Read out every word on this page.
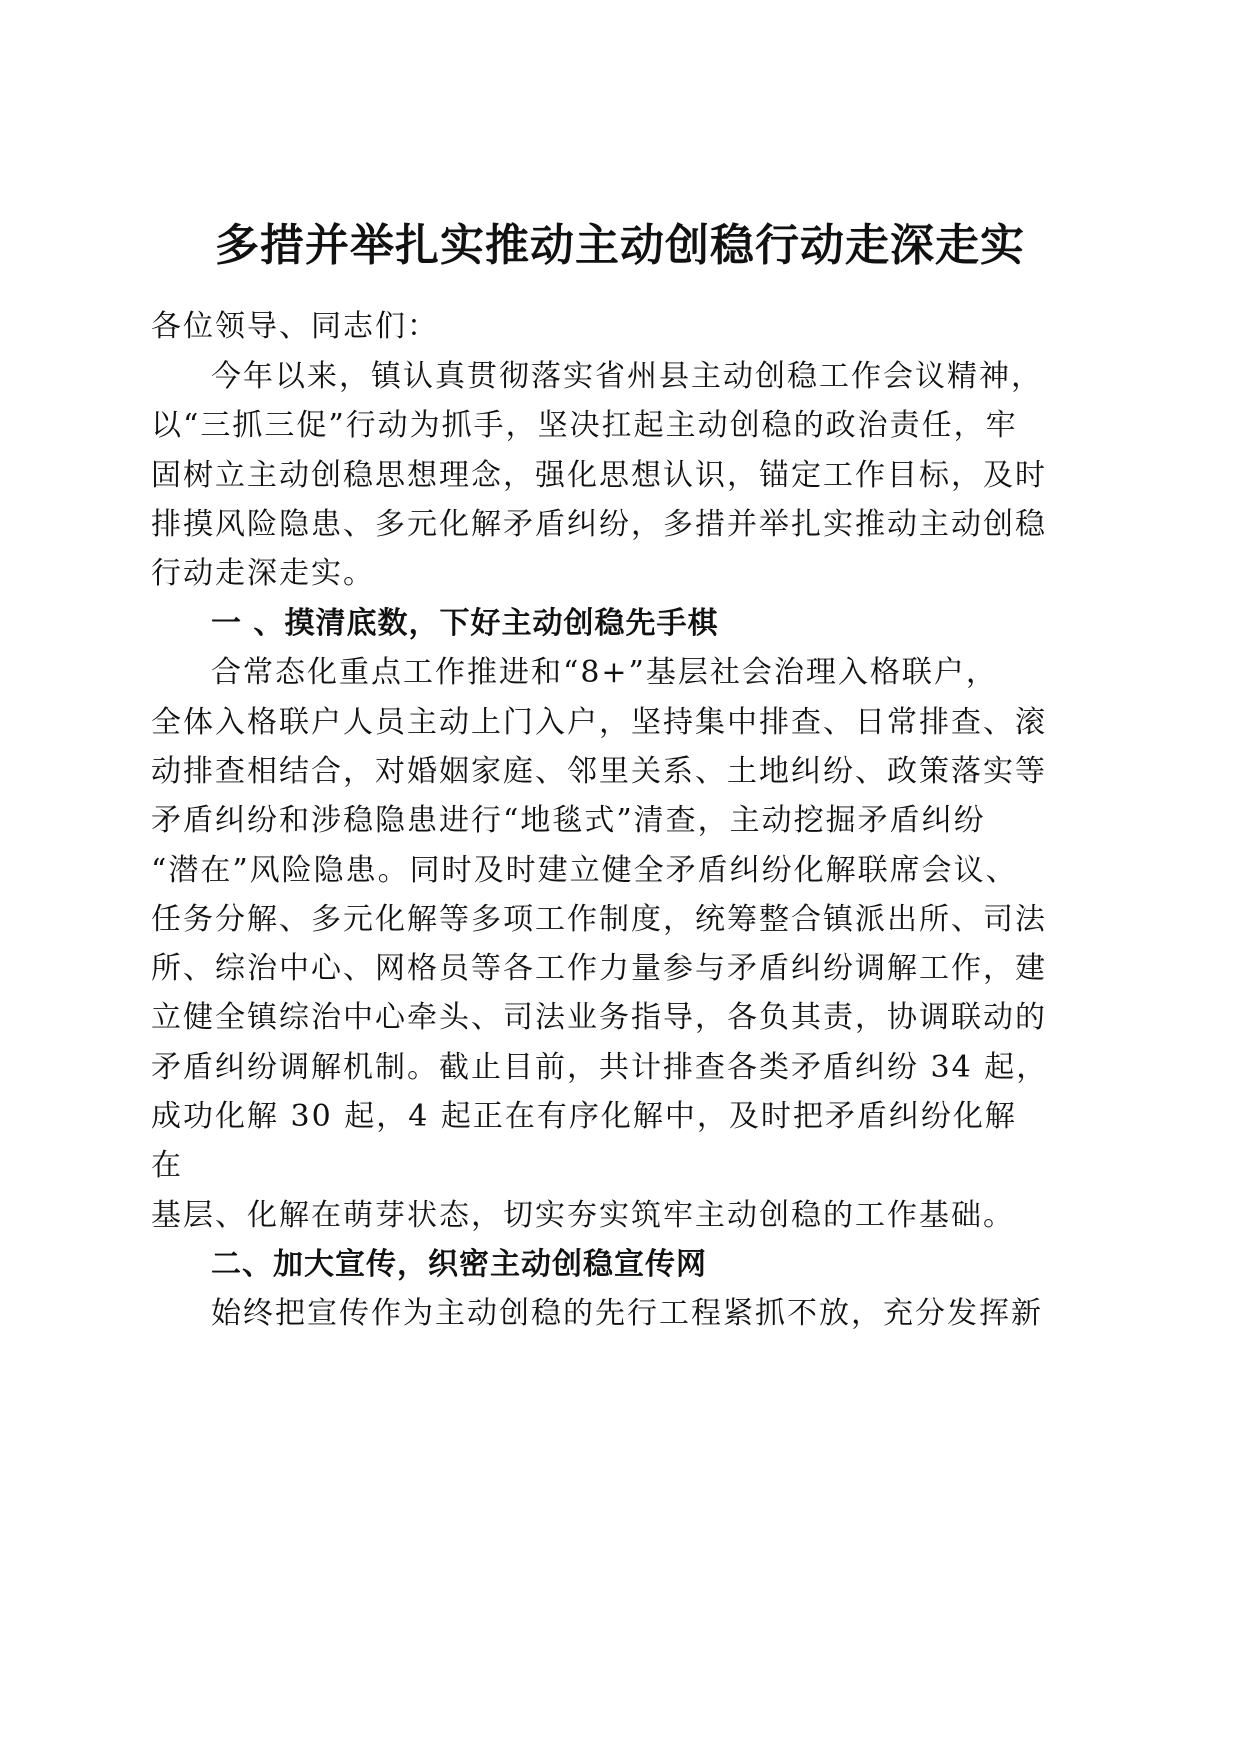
多措并举扎实推动主动创稳行动走深走实
各位领导、同志们：
今年以来，镇认真贯彻落实省州县主动创稳工作会议精神，
以“三抓三促”行动为抓手，坚决扛起主动创稳的政治责任，牢
固树立主动创稳思想理念，强化思想认识，锚定工作目标，及时
排摸风险隐患、多元化解矛盾纠纷，多措并举扎实推动主动创稳
行动走深走实。
一 、摸清底数，下好主动创稳先手棋
合常态化重点工作推进和“8+”基层社会治理入格联户，
全体入格联户人员主动上门入户，坚持集中排查、日常排查、滚
动排查相结合，对婚姻家庭、邻里关系、土地纠纷、政策落实等
矛盾纠纷和涉稳隐患进行“地毯式”清查，主动挖掘矛盾纠纷
“潜在”风险隐患。同时及时建立健全矛盾纠纷化解联席会议、
任务分解、多元化解等多项工作制度，统筹整合镇派出所、司法
所、综治中心、网格员等各工作力量参与矛盾纠纷调解工作，建
立健全镇综治中心牵头、司法业务指导，各负其责，协调联动的
矛盾纠纷调解机制。截止目前，共计排查各类矛盾纠纷 34 起，
成功化解 30 起，4 起正在有序化解中，及时把矛盾纠纷化解
在
基层、化解在萌芽状态，切实夯实筑牢主动创稳的工作基础。
二、加大宣传，织密主动创稳宣传网
始终把宣传作为主动创稳的先行工程紧抓不放，充分发挥新
